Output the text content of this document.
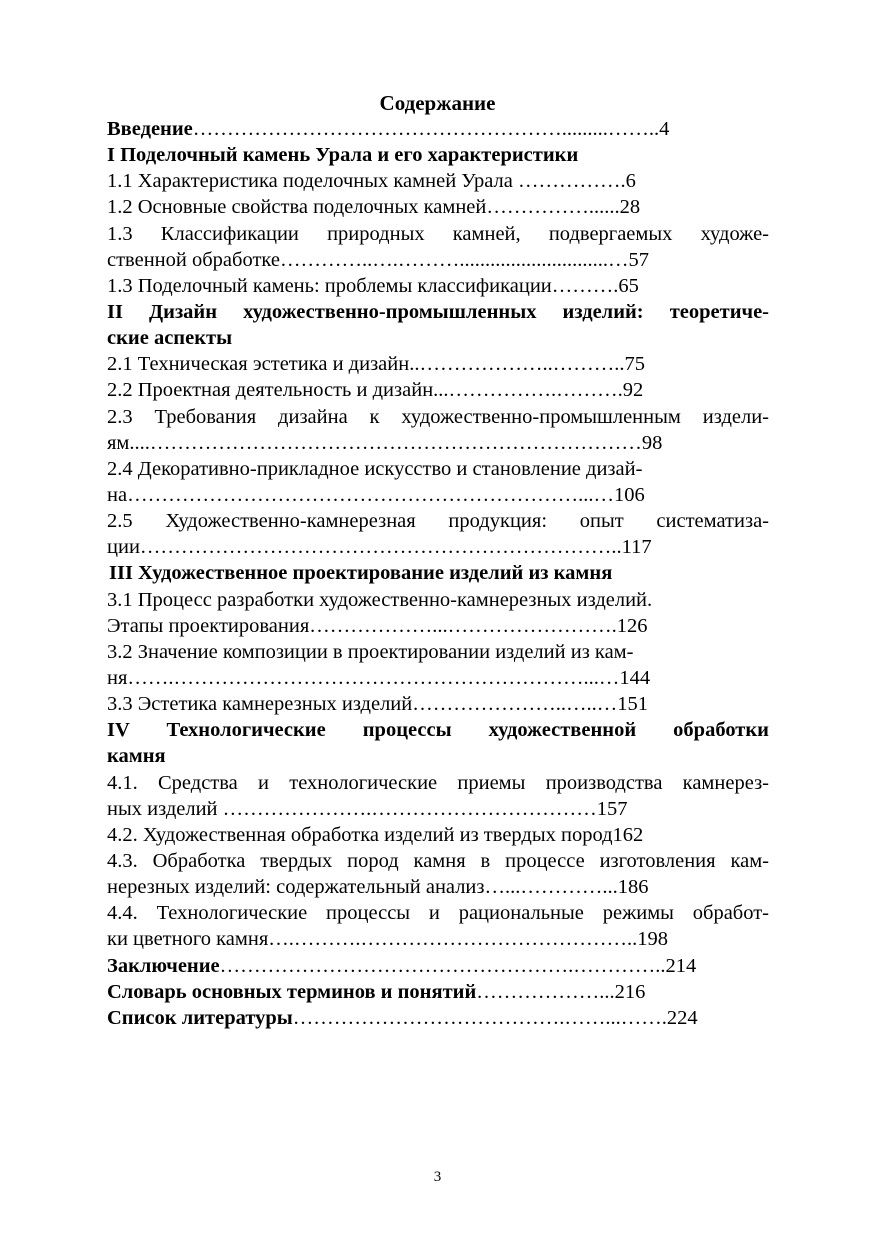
Содержание
Введение……………………………………………….........……..4
I Поделочный камень Урала и его характеристики
1.1 Характеристика поделочных камней Урала …………….6
1.2 Основные свойства поделочных камней……………......28
1.3 Классификации природных камней, подвергаемых художе-
ственной обработке…………..….……….............................…57
1.3 Поделочный камень: проблемы классификации……….65
II Дизайн художественно-промышленных изделий: теоретиче-
ские аспекты
2.1 Техническая эстетика и дизайн..………………..………..75
2.2 Проектная деятельность и дизайн...…………….……….92
2.3 Требования дизайна к художественно-промышленным издели-
ям....………………………………………………………………98
2.4 Декоративно-прикладное искусство и становление дизай-
на…………………………………………………………...…106
2.5 Художественно-камнерезная продукция: опыт систематиза-
ции……………………………………………………………..117
III Художественное проектирование изделий из камня
3.1 Процесс разработки художественно-камнерезных изделий.
Этапы проектирования………………...…………………….126
3.2 Значение композиции в проектировании изделий из кам-
ня…….……………………………………………………...…144
3.3 Эстетика камнерезных изделий…………………..…..…151
IV Технологические процессы художественной обработки
камня
4.1. Средства и технологические приемы производства камнерез-
ных изделий ………………….……………………………157
4.2. Художественная обработка изделий из твердых пород162
4.3. Обработка твердых пород камня в процессе изготовления кам-
нерезных изделий: содержательный анализ…...…………...186
4.4. Технологические процессы и рациональные режимы обработ-
ки цветного камня….……….…………………………………..198
Заключение…………………………………………….…………..214
Словарь основных терминов и понятий………………...216
Список литературы………………………………….……...…….224
3
